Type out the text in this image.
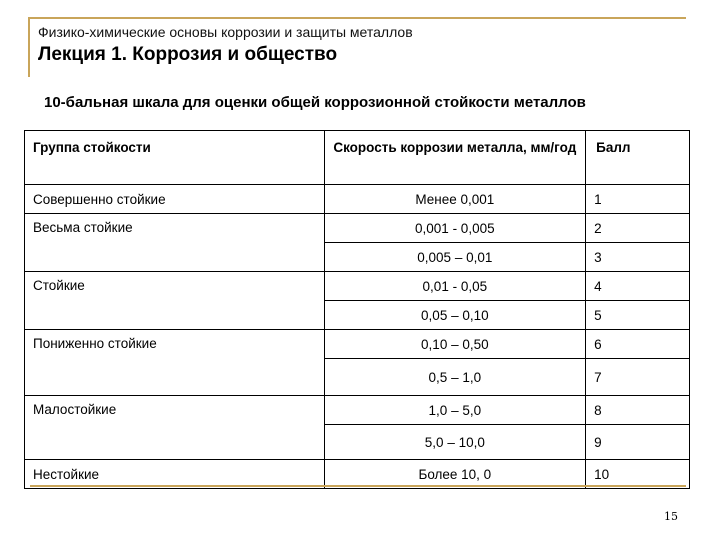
Физико-химические основы коррозии и защиты металлов
Лекция 1. Коррозия и общество
10-бальная шкала для оценки общей коррозионной стойкости металлов
Группа стойкости	Скорость коррозии металла, мм/год	Балл
Совершенно стойкие	Менее 0,001	1
Весьма стойкие	0,001 - 0,005	2
	0,005 – 0,01	3
Стойкие	0,01 - 0,05	4
	0,05 – 0,10	5
Пониженно стойкие	0,10 – 0,50	6
	0,5 – 1,0	7
Малостойкие	1,0 – 5,0	8
	5,0 – 10,0	9
Нестойкие	Более 10, 0	10
15
